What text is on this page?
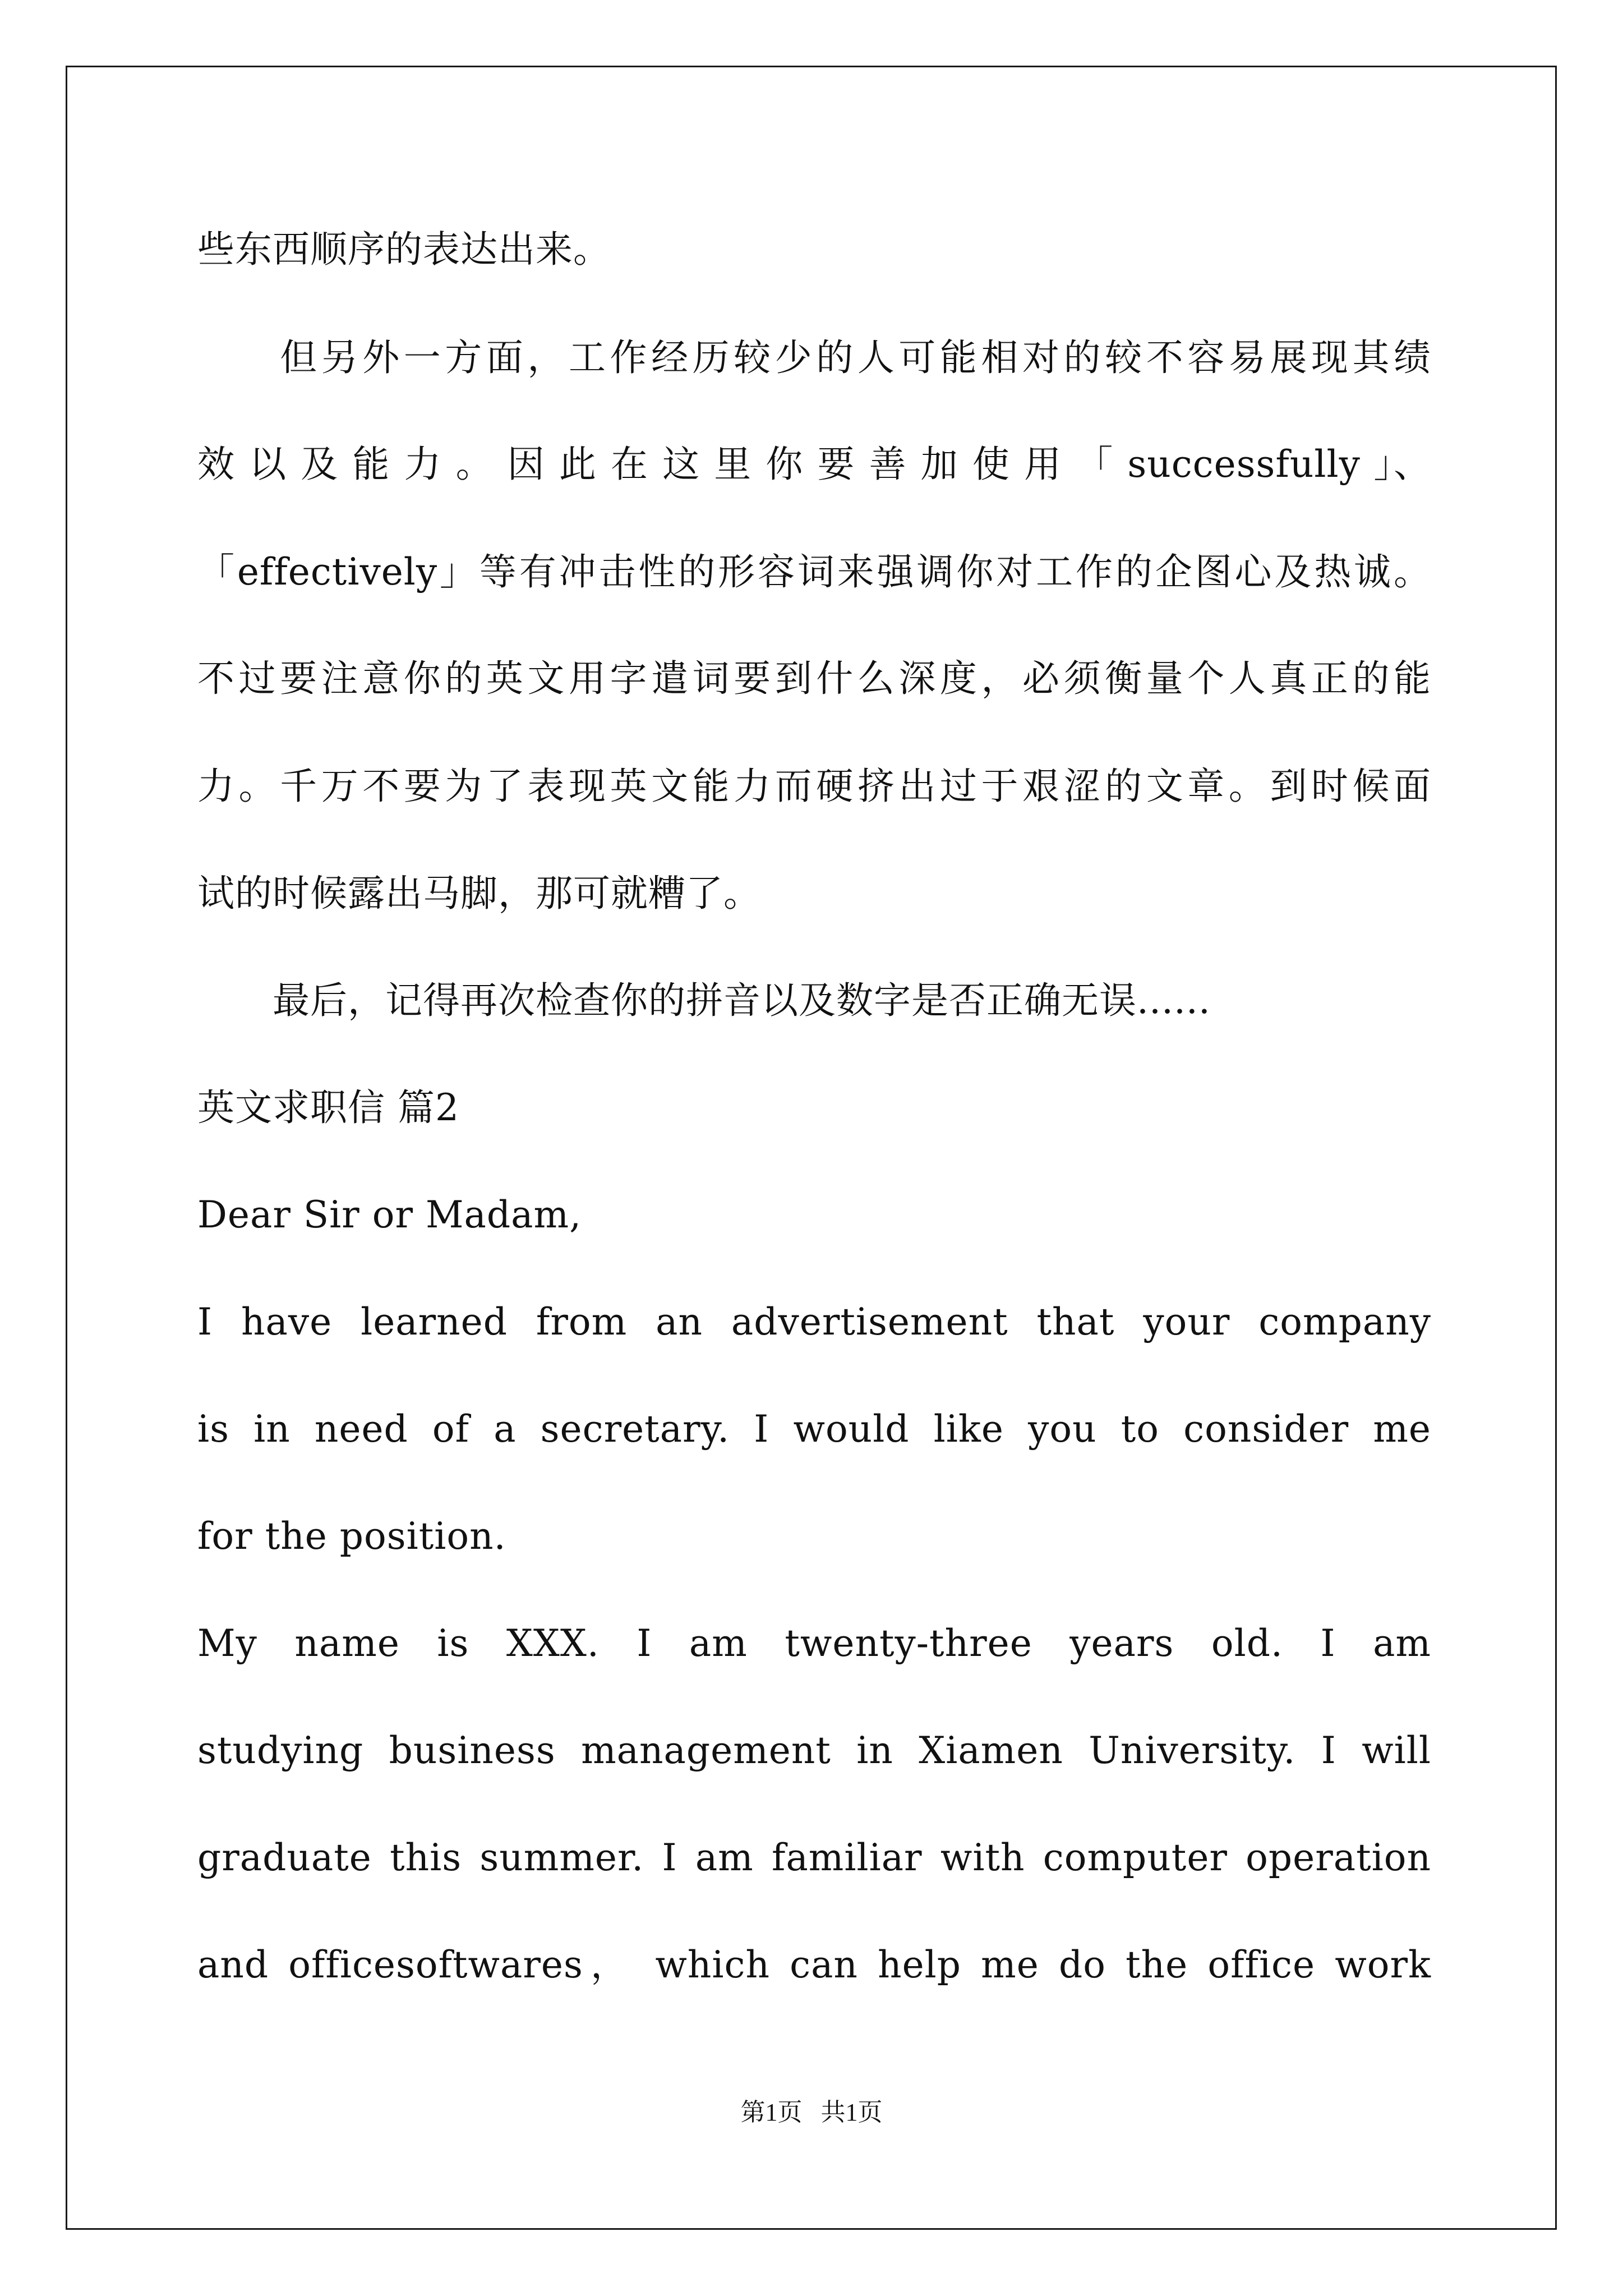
些东西顺序的表达出来。
　　但另外一方面，工作经历较少的人可能相对的较不容易展现其绩
效 以 及 能 力 。 因 此 在 这 里 你 要 善 加 使 用 「 successfully 」、
「effectively」等有冲击性的形容词来强调你对工作的企图心及热诚。
不过要注意你的英文用字遣词要到什么深度，必须衡量个人真正的能
力。千万不要为了表现英文能力而硬挤出过于艰涩的文章。到时候面
试的时候露出马脚，那可就糟了。
　　最后，记得再次检查你的拼音以及数字是否正确无误......
英文求职信 篇2
Dear Sir or Madam,
I have learned from an advertisement that your company
is in need of a secretary. I would like you to consider me
for the position.
My name is XXX. I am twenty-three years old. I am
studying business management in Xiamen University. I will
graduate this summer. I am familiar with computer operation
and officesoftwares， which can help me do the office work
第1页   共1页
